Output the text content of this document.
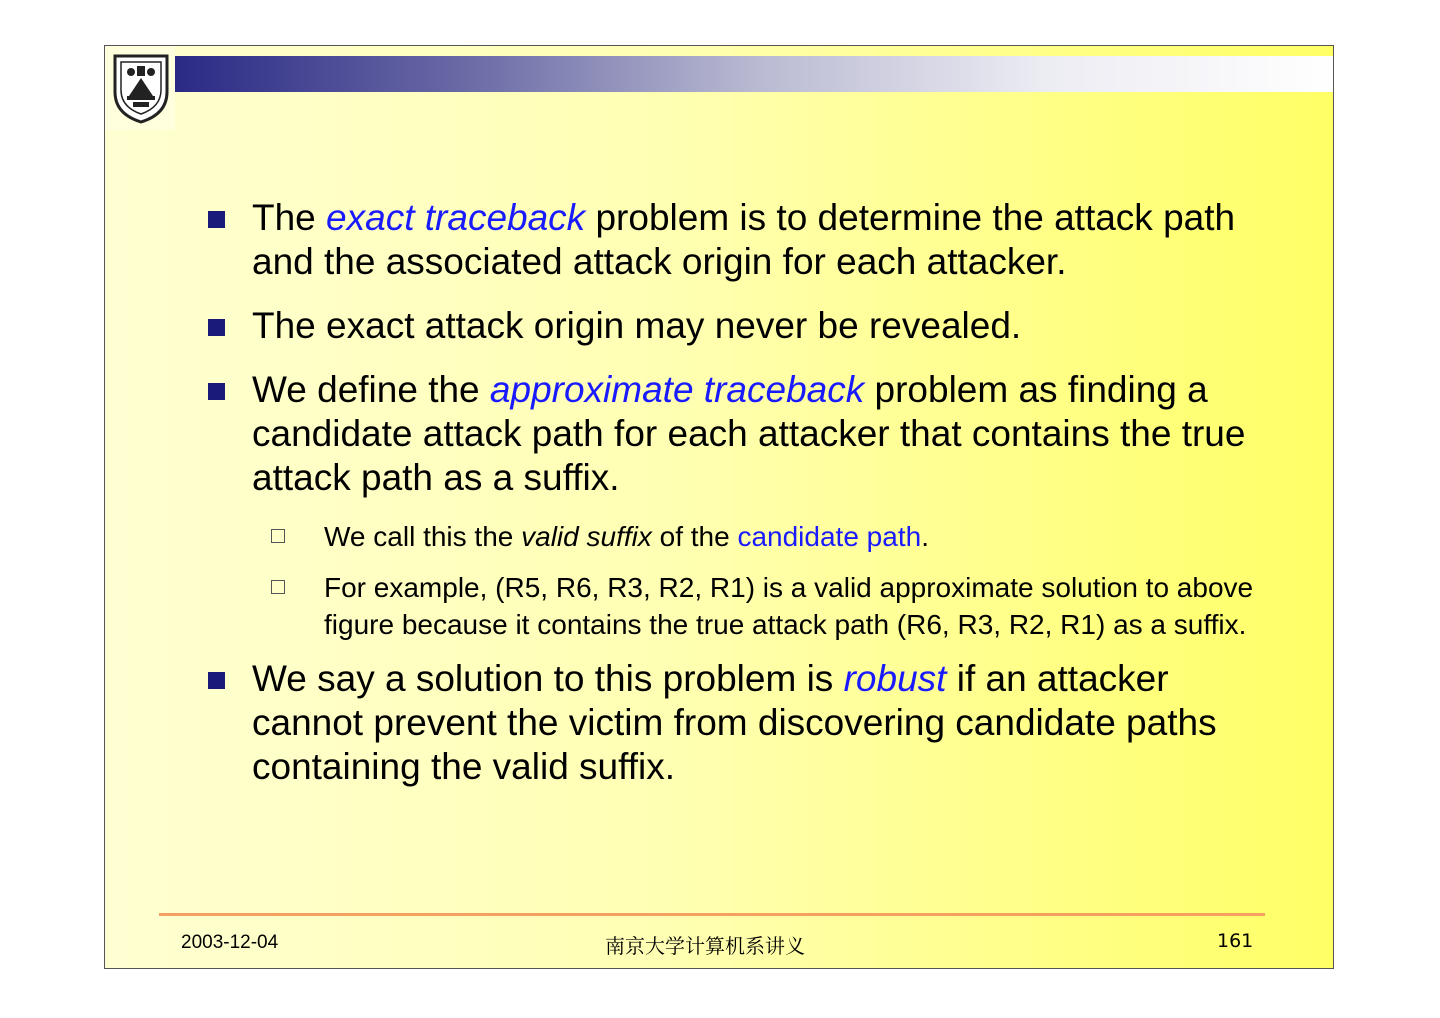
The exact traceback problem is to determine the attack path and the associated attack origin for each attacker.
The exact attack origin may never be revealed.
We define the approximate traceback problem as finding a candidate attack path for each attacker that contains the true attack path as a suffix.
We call this the valid suffix of the candidate path.
For example, (R5, R6, R3, R2, R1) is a valid approximate solution to above figure because it contains the true attack path (R6, R3, R2, R1) as a suffix.
We say a solution to this problem is robust if an attacker cannot prevent the victim from discovering candidate paths containing the valid suffix.
2003-12-04	南京大学计算机系讲义	161
